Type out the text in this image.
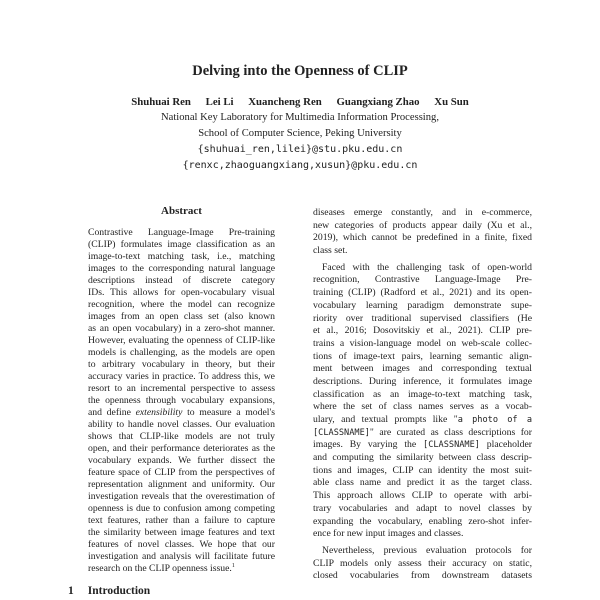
Delving into the Openness of CLIP
Shuhuai Ren Lei Li Xuancheng Ren Guangxiang Zhao Xu Sun
National Key Laboratory for Multimedia Information Processing,
School of Computer Science, Peking University
{shuhuai_ren,lilei}@stu.pku.edu.cn
{renxc,zhaoguangxiang,xusun}@pku.edu.cn
Abstract
Contrastive Language-Image Pre-training
(CLIP) formulates image classification as an
image-to-text matching task, i.e., matching
images to the corresponding natural language
descriptions instead of discrete category
IDs. This allows for open-vocabulary visual
recognition, where the model can recognize
images from an open class set (also known
as an open vocabulary) in a zero-shot manner.
However, evaluating the openness of CLIP-like
models is challenging, as the models are open
to arbitrary vocabulary in theory, but their
accuracy varies in practice. To address this, we
resort to an incremental perspective to assess
the openness through vocabulary expansions,
and define extensibility to measure a model's
ability to handle novel classes. Our evaluation
shows that CLIP-like models are not truly
open, and their performance deteriorates as the
vocabulary expands. We further dissect the
feature space of CLIP from the perspectives of
representation alignment and uniformity. Our
investigation reveals that the overestimation of
openness is due to confusion among competing
text features, rather than a failure to capture
the similarity between image features and text
features of novel classes. We hope that our
investigation and analysis will facilitate future
research on the CLIP openness issue.$^1$
1 Introduction
diseases emerge constantly, and in e-commerce,
new categories of products appear daily (Xu et al.,
2019), which cannot be predefined in a finite, fixed
class set.
Faced with the challenging task of open-world
recognition, Contrastive Language-Image Pre-
training (CLIP) (Radford et al., 2021) and its open-
vocabulary learning paradigm demonstrate supe-
riority over traditional supervised classifiers (He
et al., 2016; Dosovitskiy et al., 2021). CLIP pre-
trains a vision-language model on web-scale collec-
tions of image-text pairs, learning semantic align-
ment between images and corresponding textual
descriptions. During inference, it formulates image
classification as an image-to-text matching task,
where the set of class names serves as a vocab-
ulary, and textual prompts like "a photo of a
[CLASSNAME]" are curated as class descriptions for
images. By varying the [CLASSNAME] placeholder
and computing the similarity between class descrip-
tions and images, CLIP can identity the most suit-
able class name and predict it as the target class.
This approach allows CLIP to operate with arbi-
trary vocabularies and adapt to novel classes by
expanding the vocabulary, enabling zero-shot infer-
ence for new input images and classes.
Nevertheless, previous evaluation protocols for
CLIP models only assess their accuracy on static,
closed vocabularies from downstream datasets
